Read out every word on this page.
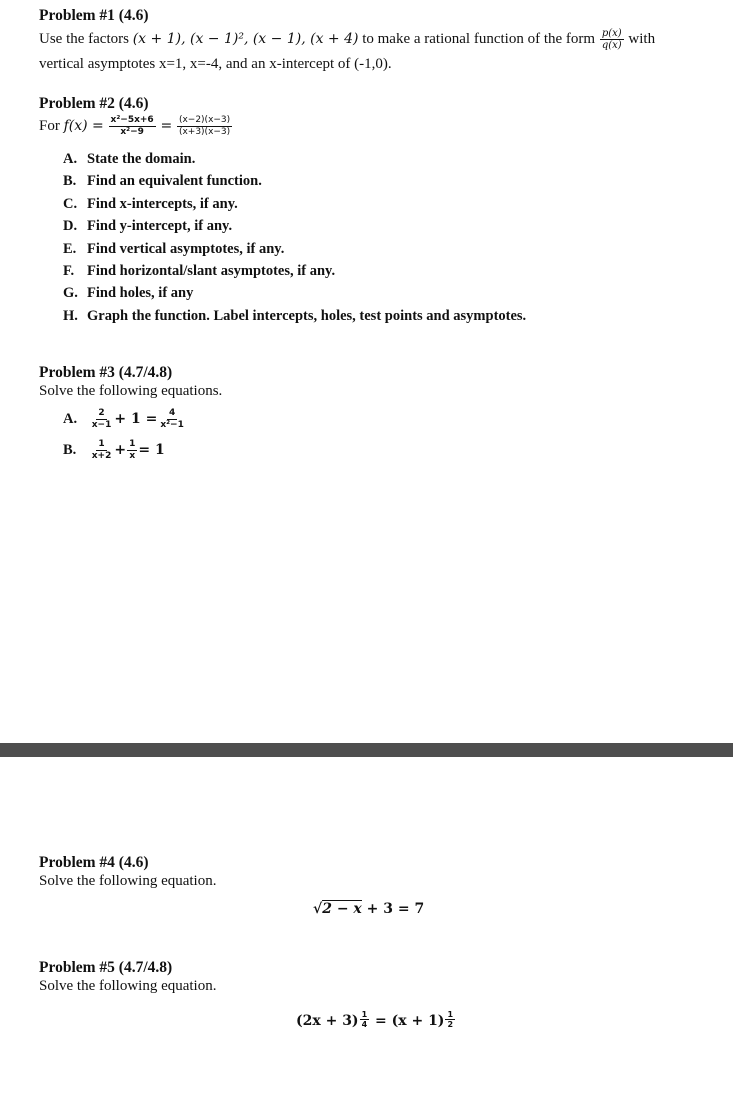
Problem #1 (4.6)
Use the factors (x + 1), (x − 1)², (x − 1), (x + 4) to make a rational function of the form $\frac{p(x)}{q(x)}$ with
vertical asymptotes x=1, x=-4, and an x-intercept of (-1,0).
Problem #2 (4.6)
For $f(x) = \frac{\text{x²−5x+6}}{\text{x²−9}} = \frac{(x-2)(x-3)}{(x+3)(x-3)}$
A. State the domain.
B. Find an equivalent function.
C. Find x-intercepts, if any.
D. Find y-intercept, if any.
E. Find vertical asymptotes, if any.
F. Find horizontal/slant asymptotes, if any.
G. Find holes, if any
H. Graph the function. Label intercepts, holes, test points and asymptotes.
Problem #3 (4.7/4.8)
Solve the following equations.
A. $\frac{2}{x-1} + 1 = \frac{4}{\text{x²−1}}$
B. $\frac{1}{x+2} + \frac{1}{x} = 1$
Problem #4 (4.6)
Solve the following equation.
√2 − x + 3 = 7
Problem #5 (4.7/4.8)
Solve the following equation.
$(2x + 3) \frac{1}{4} = (x + 1) \frac{1}{2}$
